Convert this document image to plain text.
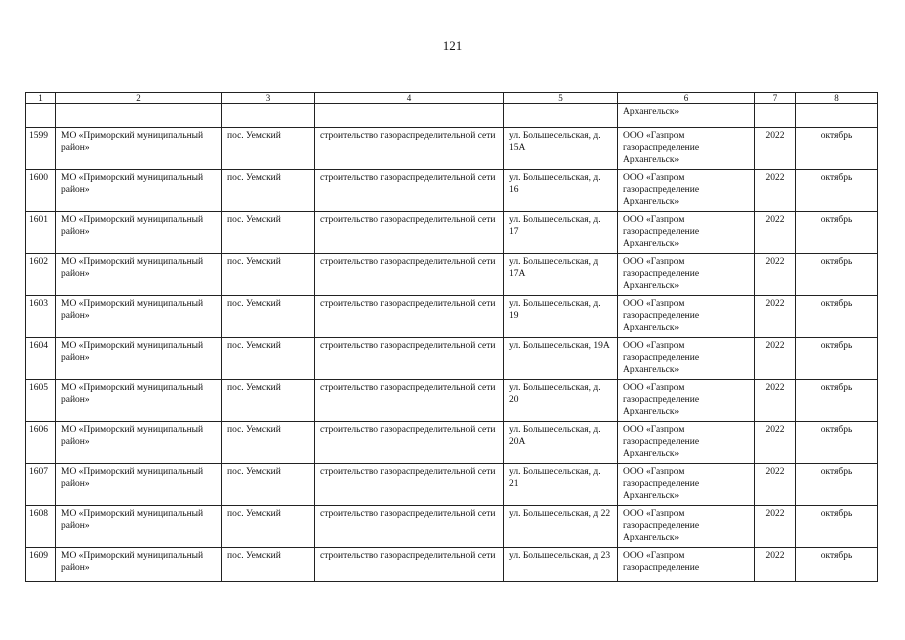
121
1	2	3	4	5	6	7	8
					Архангельск»		
1599	МО «Приморский муниципальный район»	пос. Уемский	строительство газораспределительной сети	ул. Большесельская, д. 15А	ООО «Газпром газораспределение Архангельск»	2022	октябрь
1600	МО «Приморский муниципальный район»	пос. Уемский	строительство газораспределительной сети	ул. Большесельская, д. 16	ООО «Газпром газораспределение Архангельск»	2022	октябрь
1601	МО «Приморский муниципальный район»	пос. Уемский	строительство газораспределительной сети	ул. Большесельская, д. 17	ООО «Газпром газораспределение Архангельск»	2022	октябрь
1602	МО «Приморский муниципальный район»	пос. Уемский	строительство газораспределительной сети	ул. Большесельская, д 17А	ООО «Газпром газораспределение Архангельск»	2022	октябрь
1603	МО «Приморский муниципальный район»	пос. Уемский	строительство газораспределительной сети	ул. Большесельская, д. 19	ООО «Газпром газораспределение Архангельск»	2022	октябрь
1604	МО «Приморский муниципальный район»	пос. Уемский	строительство газораспределительной сети	ул. Большесельская, 19А	ООО «Газпром газораспределение Архангельск»	2022	октябрь
1605	МО «Приморский муниципальный район»	пос. Уемский	строительство газораспределительной сети	ул. Большесельская, д. 20	ООО «Газпром газораспределение Архангельск»	2022	октябрь
1606	МО «Приморский муниципальный район»	пос. Уемский	строительство газораспределительной сети	ул. Большесельская, д. 20А	ООО «Газпром газораспределение Архангельск»	2022	октябрь
1607	МО «Приморский муниципальный район»	пос. Уемский	строительство газораспределительной сети	ул. Большесельская, д. 21	ООО «Газпром газораспределение Архангельск»	2022	октябрь
1608	МО «Приморский муниципальный район»	пос. Уемский	строительство газораспределительной сети	ул. Большесельская, д 22	ООО «Газпром газораспределение Архангельск»	2022	октябрь
1609	МО «Приморский муниципальный район»	пос. Уемский	строительство газораспределительной сети	ул. Большесельская, д 23	ООО «Газпром газораспределение	2022	октябрь
